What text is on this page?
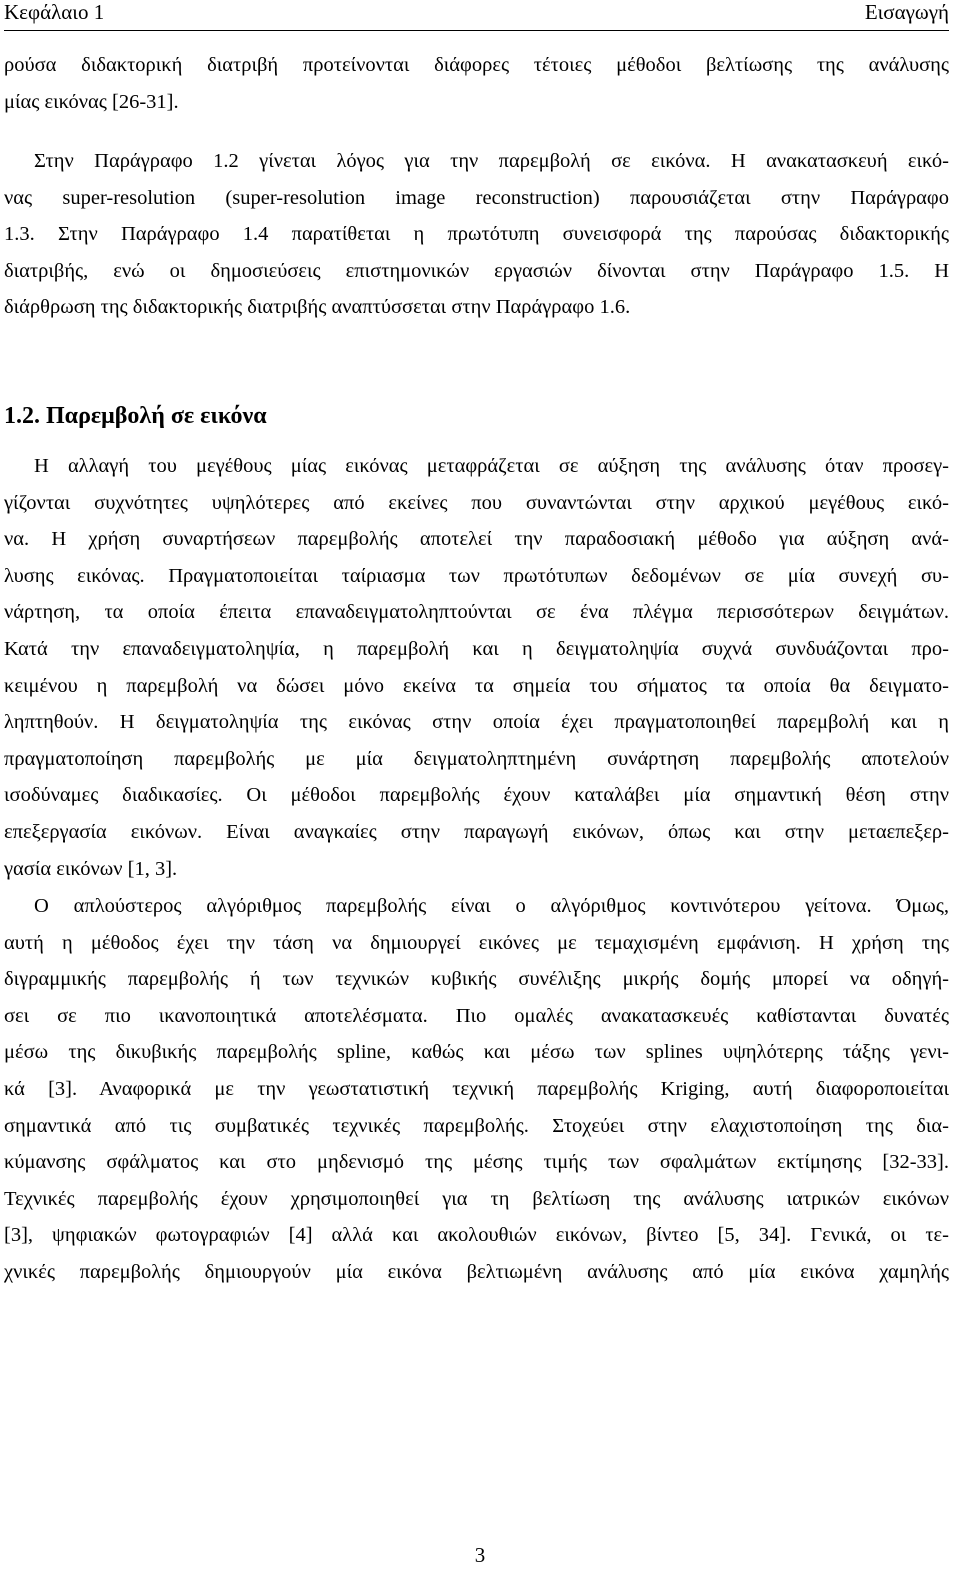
Κεφάλαιο 1	Εισαγωγή
ρούσα διδακτορική διατριβή προτείνονται διάφορες τέτοιες μέθοδοι βελτίωσης της ανάλυσης
μίας εικόνας [26-31].
Στην Παράγραφο 1.2 γίνεται λόγος για την παρεμβολή σε εικόνα. Η ανακατασκευή εικό-
νας super-resolution (super-resolution image reconstruction) παρουσιάζεται στην Παράγραφο
1.3. Στην Παράγραφο 1.4 παρατίθεται η πρωτότυπη συνεισφορά της παρούσας διδακτορικής
διατριβής, ενώ οι δημοσιεύσεις επιστημονικών εργασιών δίνονται στην Παράγραφο 1.5. Η
διάρθρωση της διδακτορικής διατριβής αναπτύσσεται στην Παράγραφο 1.6.
1.2. Παρεμβολή σε εικόνα
Η αλλαγή του μεγέθους μίας εικόνας μεταφράζεται σε αύξηση της ανάλυσης όταν προσεγ-
γίζονται συχνότητες υψηλότερες από εκείνες που συναντώνται στην αρχικού μεγέθους εικό-
να. Η χρήση συναρτήσεων παρεμβολής αποτελεί την παραδοσιακή μέθοδο για αύξηση ανά-
λυσης εικόνας. Πραγματοποιείται ταίριασμα των πρωτότυπων δεδομένων σε μία συνεχή συ-
νάρτηση, τα οποία έπειτα επαναδειγματοληπτούνται σε ένα πλέγμα περισσότερων δειγμάτων.
Κατά την επαναδειγματοληψία, η παρεμβολή και η δειγματοληψία συχνά συνδυάζονται προ-
κειμένου η παρεμβολή να δώσει μόνο εκείνα τα σημεία του σήματος τα οποία θα δειγματο-
ληπτηθούν. Η δειγματοληψία της εικόνας στην οποία έχει πραγματοποιηθεί παρεμβολή και η
πραγματοποίηση παρεμβολής με μία δειγματοληπτημένη συνάρτηση παρεμβολής αποτελούν
ισοδύναμες διαδικασίες. Οι μέθοδοι παρεμβολής έχουν καταλάβει μία σημαντική θέση στην
επεξεργασία εικόνων. Είναι αναγκαίες στην παραγωγή εικόνων, όπως και στην μεταεπεξερ-
γασία εικόνων [1, 3].
Ο απλούστερος αλγόριθμος παρεμβολής είναι ο αλγόριθμος κοντινότερου γείτονα. Όμως,
αυτή η μέθοδος έχει την τάση να δημιουργεί εικόνες με τεμαχισμένη εμφάνιση. Η χρήση της
διγραμμικής παρεμβολής ή των τεχνικών κυβικής συνέλιξης μικρής δομής μπορεί να οδηγή-
σει σε πιο ικανοποιητικά αποτελέσματα. Πιο ομαλές ανακατασκευές καθίστανται δυνατές
μέσω της δικυβικής παρεμβολής spline, καθώς και μέσω των splines υψηλότερης τάξης γενι-
κά [3]. Αναφορικά με την γεωστατιστική τεχνική παρεμβολής Kriging, αυτή διαφοροποιείται
σημαντικά από τις συμβατικές τεχνικές παρεμβολής. Στοχεύει στην ελαχιστοποίηση της δια-
κύμανσης σφάλματος και στο μηδενισμό της μέσης τιμής των σφαλμάτων εκτίμησης [32-33].
Τεχνικές παρεμβολής έχουν χρησιμοποιηθεί για τη βελτίωση της ανάλυσης ιατρικών εικόνων
[3], ψηφιακών φωτογραφιών [4] αλλά και ακολουθιών εικόνων, βίντεο [5, 34]. Γενικά, οι τε-
χνικές παρεμβολής δημιουργούν μία εικόνα βελτιωμένη ανάλυσης από μία εικόνα χαμηλής
3
